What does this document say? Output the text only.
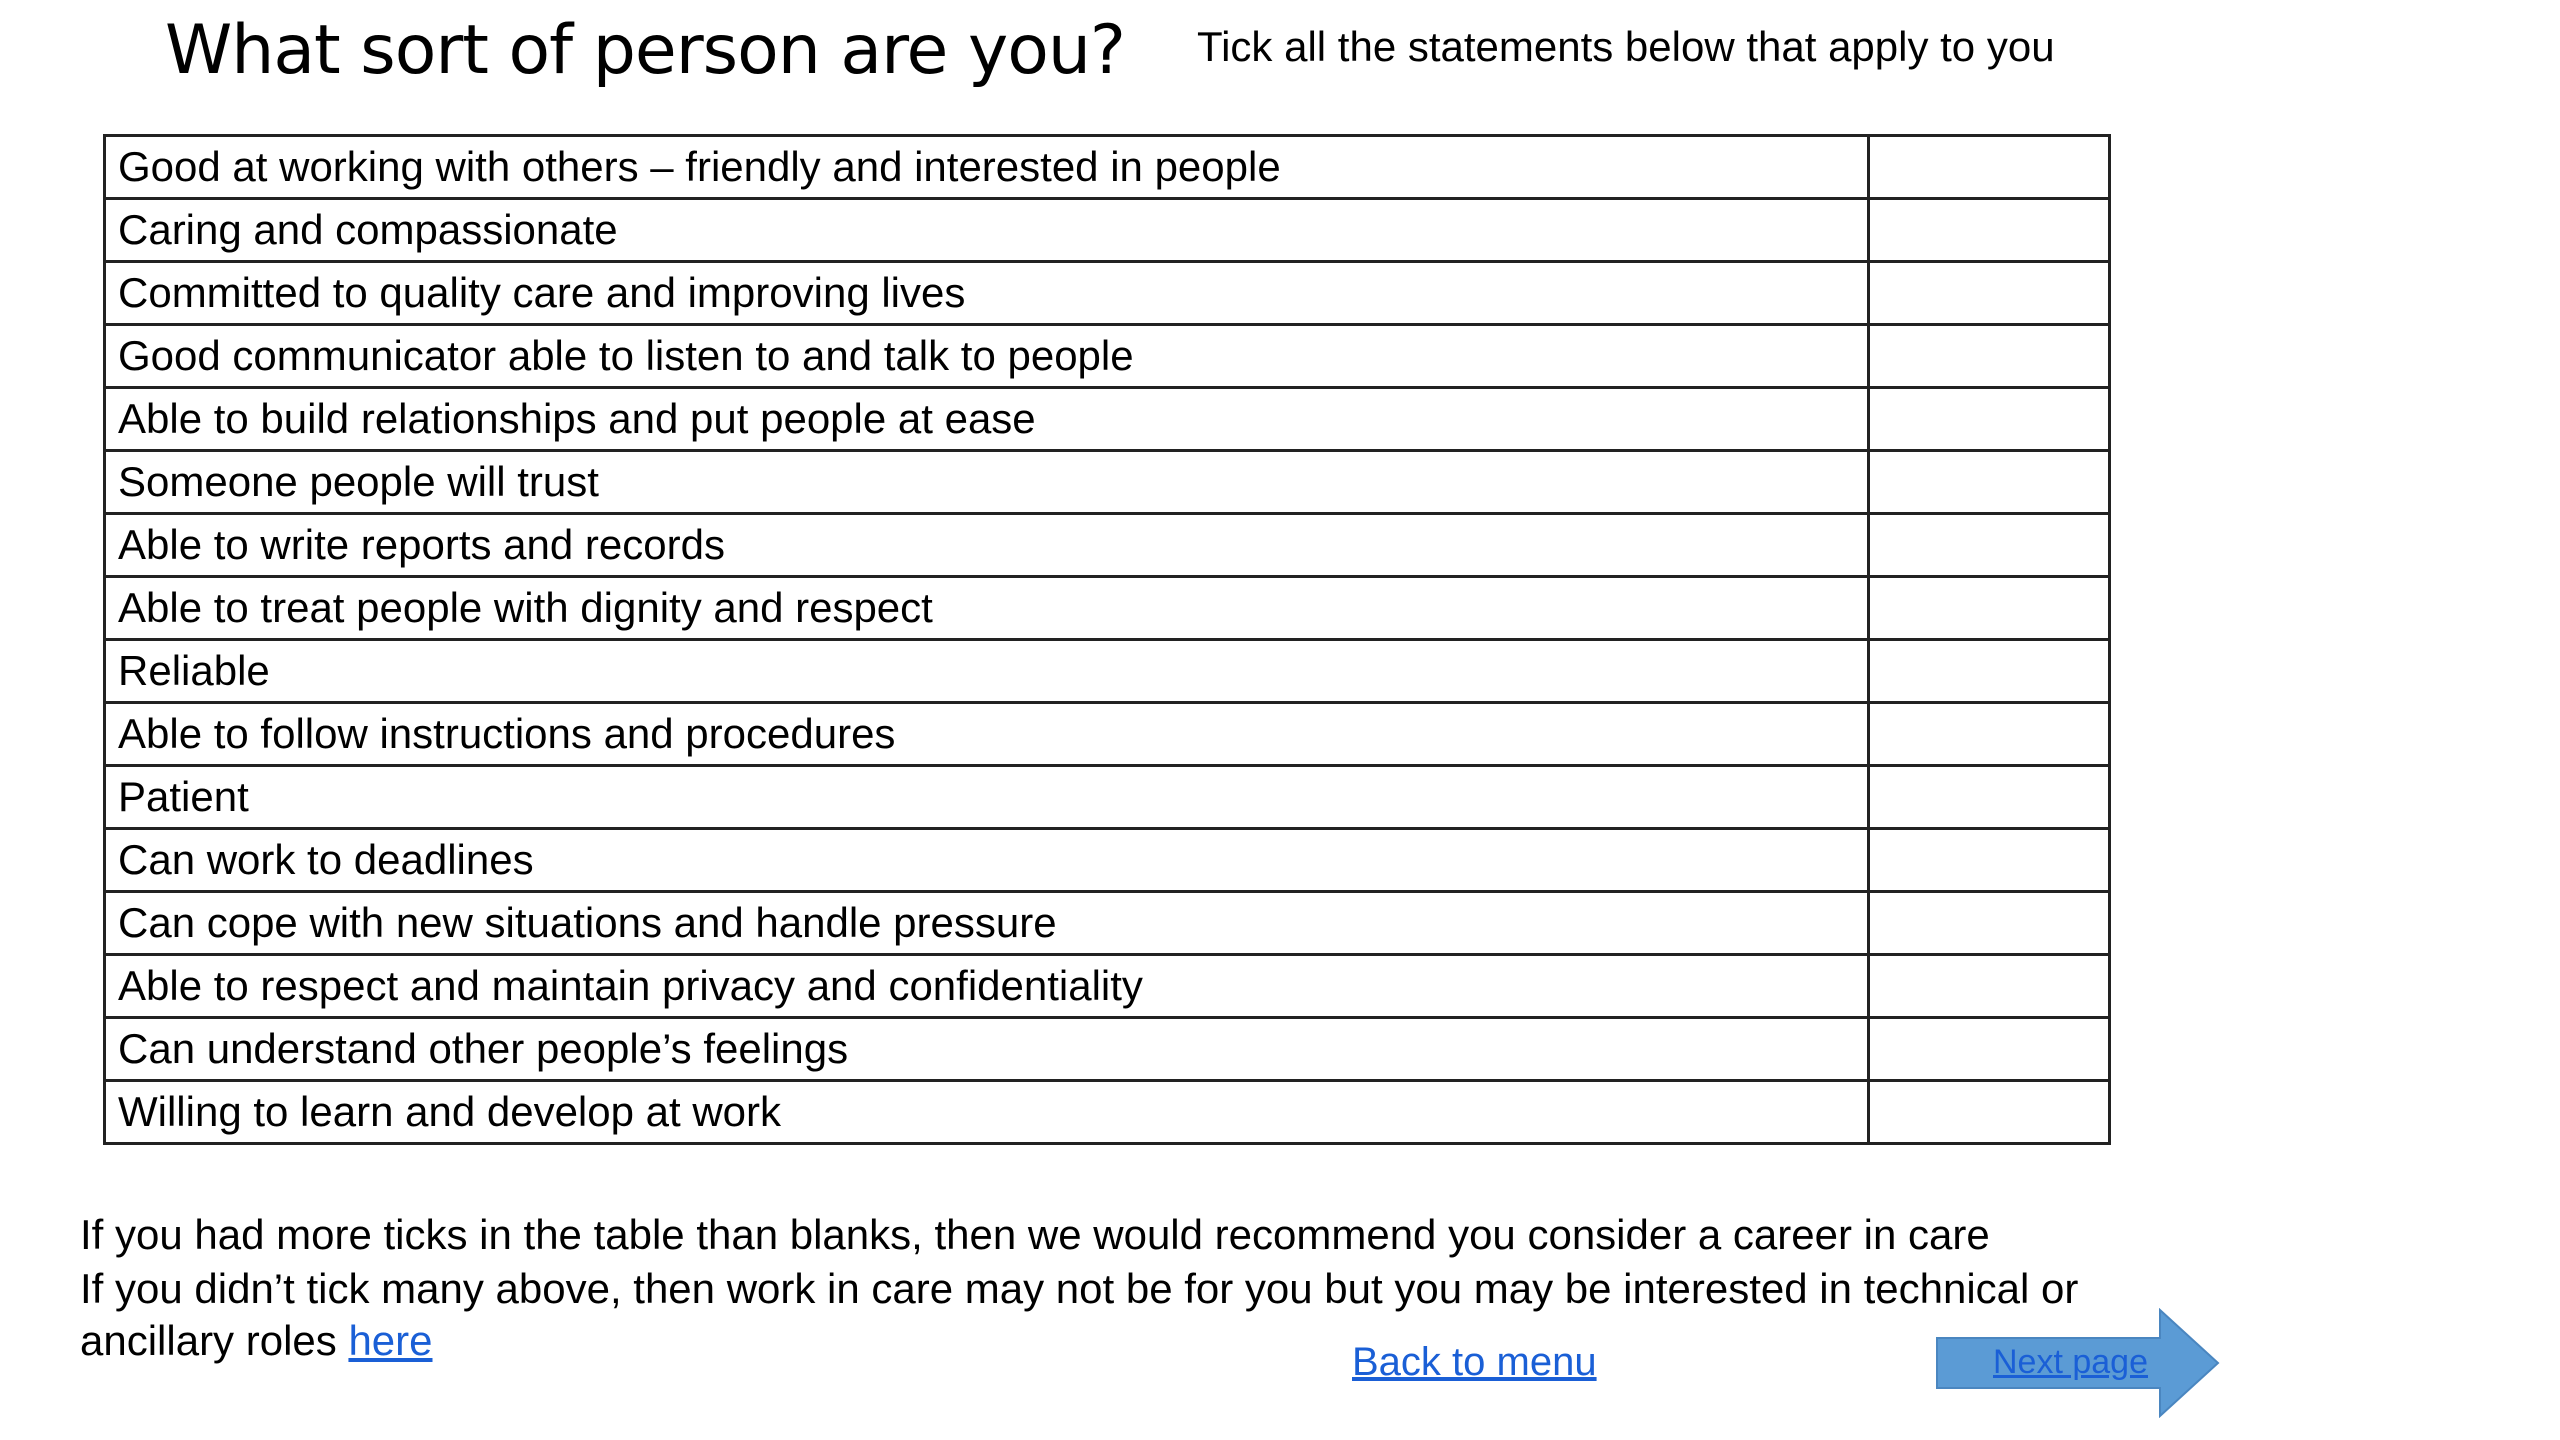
What sort of person are you? Tick all the statements below that apply to you
Good at working with others – friendly and interested in people	
Caring and compassionate	
Committed to quality care and improving lives	
Good communicator able to listen to and talk to people	
Able to build relationships and put people at ease	
Someone people will trust	
Able to write reports and records	
Able to treat people with dignity and respect	
Reliable	
Able to follow instructions and procedures	
Patient	
Can work to deadlines	
Can cope with new situations and handle pressure	
Able to respect and maintain privacy and confidentiality	
Can understand other people’s feelings	
Willing to learn and develop at work	
If you had more ticks in the table than blanks, then we would recommend you consider a career in care
If you didn’t tick many above, then work in care may not be for you but you may be interested in technical or
ancillary roles here	Back to menu	Next page
